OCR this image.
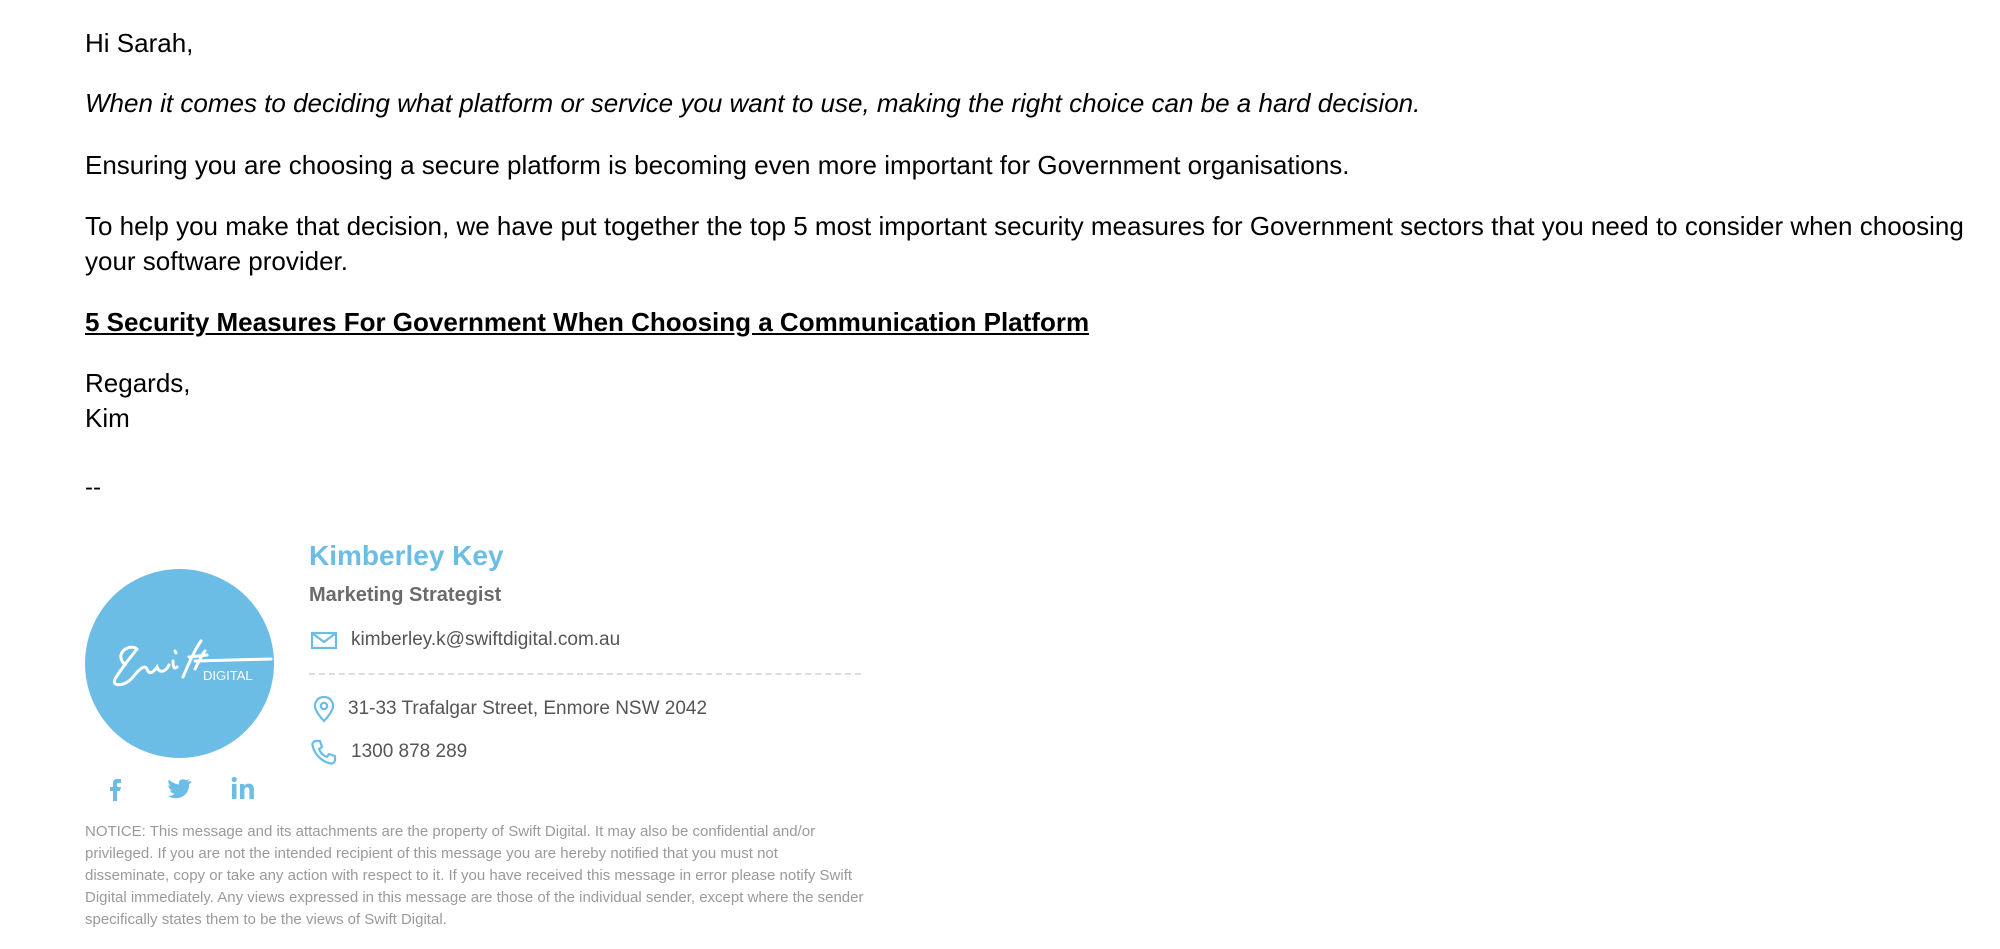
Hi Sarah,

When it comes to deciding what platform or service you want to use, making the right choice can be a hard decision.

Ensuring you are choosing a secure platform is becoming even more important for Government organisations.

To help you make that decision, we have put together the top 5 most important security measures for Government sectors that you need to consider when choosing your software provider.

5 Security Measures For Government When Choosing a Communication Platform

Regards,

Kim

--

DIGITAL
Kimberley Key
Marketing Strategist
kimberley.k@swiftdigital.com.au
31-33 Trafalgar Street, Enmore NSW 2042
1300 878 289
NOTICE: This message and its attachments are the property of Swift Digital. It may also be confidential and/or privileged. If you are not the intended recipient of this message you are hereby notified that you must not disseminate, copy or take any action with respect to it. If you have received this message in error please notify Swift Digital immediately. Any views expressed in this message are those of the individual sender, except where the sender specifically states them to be the views of Swift Digital.
